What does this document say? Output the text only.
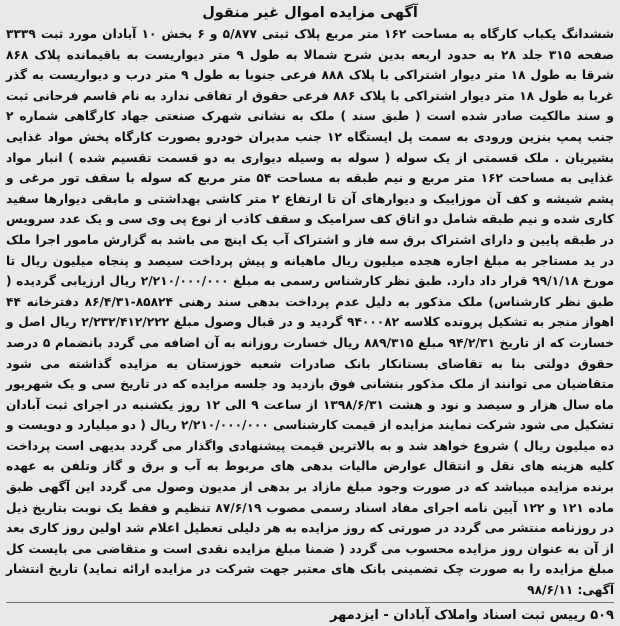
آگهی مزایده اموال غیر منقول

ششدانگ یکباب کارگاه به مساحت ۱۶۲ متر مربع پلاک ثبتی ۵/۸۷۷ و ۶ بخش ۱۰ آبادان مورد ثبت ۳۳۳۹ صفحه ۳۱۵ جلد ۲۸ به حدود اربعه بدین شرح شمالا به طول ۹ متر دیواریست به باقیمانده پلاک ۸۶۸ شرقا به طول ۱۸ متر دیوار اشتراکی با پلاک ۸۸۸ فرعی جنوبا به طول ۹ متر درب و دیواریست به گذر غربا به طول ۱۸ متر دیوار اشتراکی با پلاک ۸۸۶ فرعی حقوق ار تفاقی ندارد به نام قاسم فرحانی ثبت و سند مالکیت صادر شده است ( طبق سند ) ملک به نشانی شهرک صنعتی جهاد کارگاهی شماره ۲ جنب پمپ بنزین ورودی به سمت پل ایستگاه ۱۲ جنب مدیران خودرو بصورت کارگاه پخش مواد غذایی بشیریان . ملک قسمتی از یک سوله ( سوله به وسیله دیواری به دو قسمت تقسیم شده ) انبار مواد غذایی به مساحت ۱۶۲ متر مربع و نیم طبقه به مساحت ۵۴ متر مربع که سوله با سقف تور مرغی و پشم شیشه و کف آن موزاییک و دیوارهای آن تا ارتفاع ۲ متر کاشی بهداشتی و مابقی دیوارها سفید کاری شده و نیم طبقه شامل دو اتاق کف سرامیک و سقف کاذب از نوع پی وی سی و یک عدد سرویس در طبقه پایین و دارای اشتراک برق سه فاز و اشتراک آب یک اینچ می باشد به گزارش مامور اجرا ملک در ید مستاجر به مبلغ اجاره هجده میلیون ریال ماهیانه و پیش پرداخت سیصد و پنجاه میلیون ریال تا مورخ ۹۹/۱/۱۸ قرار داد دارد. طبق نظر کارشناس رسمی به مبلغ ۲/۲۱۰/۰۰۰/۰۰۰ ریال ارزیابی گردیده ( طبق نظر کارشناس) ملک مذکور به دلیل عدم پرداخت بدهی سند رهنی ۸۵۸۲۴-۸۶/۴/۳۱ دفترخانه ۴۴ اهواز منجر به تشکیل پرونده کلاسه ۹۴۰۰۰۸۲ گردید و در قبال وصول مبلغ ۲/۲۳۲/۴۱۲/۲۲۲ ریال اصل و خسارت که از تاریخ ۹۴/۲/۳۱ مبلغ ۸۸۹/۳۱۵ ریال خسارت روزانه به آن اضافه می گردد بانضمام ۵ درصد حقوق دولتی بنا به تقاضای بستانکار بانک صادرات شعبه خوزستان به مزایده گذاشته می شود متقاضیان می توانند از ملک مذکور بنشانی فوق بازدید ود جلسه مزایده که در تاریخ سی و یک شهریور ماه سال هزار و سیصد و نود و هشت ۱۳۹۸/۶/۳۱ از ساعت ۹ الی ۱۲ روز یکشنبه در اجرای ثبت آبادان تشکیل می شود شرکت نمایند مزایده از قیمت کارشناسی ۲/۲۱۰/۰۰۰/۰۰۰ ریال ( دو میلیارد و دویست و ده میلیون ریال ) شروع خواهد شد و به بالاترین قیمت پیشنهادی واگذار می گردد بدیهی است پرداخت کلیه هزینه های نقل و انتقال عوارض مالیات بدهی های مربوط به آب و برق و گاز وتلفن به عهده برنده مزایده میباشد که در صورت وجود مبلغ مازاد بر بدهی از مدیون وصول می گردد این آگهی طبق ماده ۱۲۱ و ۱۲۲ آیین نامه اجرای مفاد اسناد رسمی مصوب ۸۷/۶/۱۹ تنظیم و فقط یک نوبت بتاریخ ذیل در روزنامه منتشر می گردد در صورتی که روز مزایده به هر دلیلی تعطیل اعلام شد اولین روز کاری بعد از آن به عنوان روز مزایده محسوب می گردد ( ضمنا مبلغ مزایده نقدی است و متقاضی می بایست کل مبلغ مزایده را به صورت چک تضمینی بانک های معتبر جهت شرکت در مزایده ارائه نماید) تاریخ انتشار آگهی: ۹۸/۶/۱۱

۵۰۹ رییس ثبت اسناد واملاک آبادان - ایزدمهر
